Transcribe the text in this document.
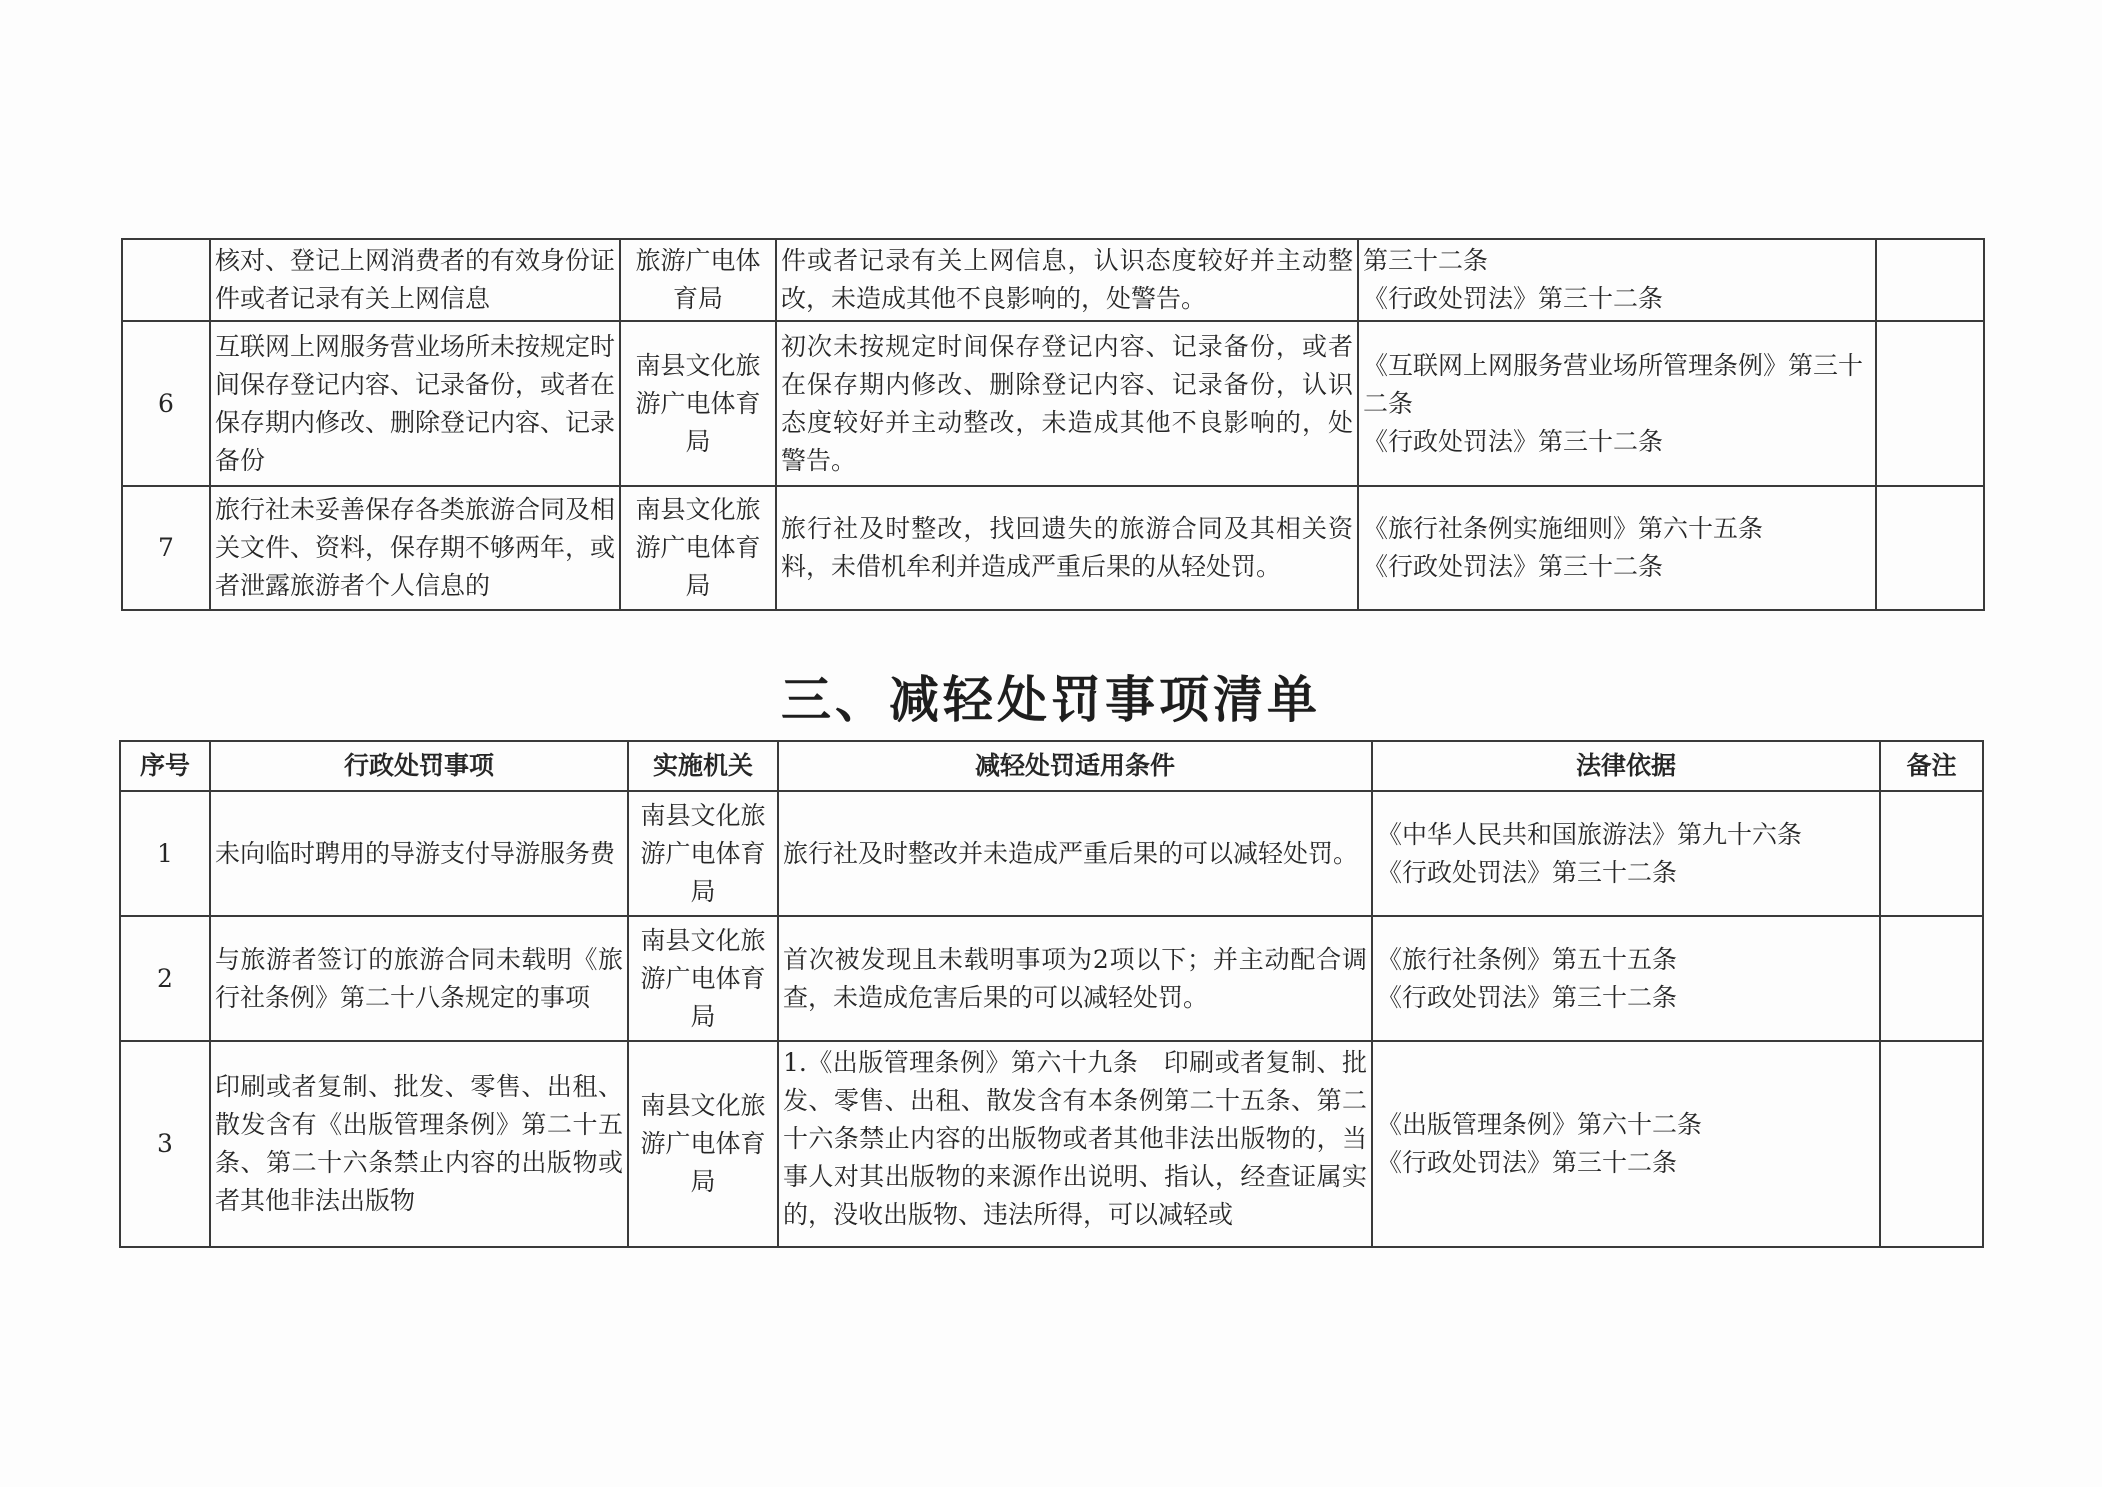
	核对、登记上网消费者的有效身份证件或者记录有关上网信息	旅游广电体育局	件或者记录有关上网信息，认识态度较好并主动整改，未造成其他不良影响的，处警告。	第三十二条
《行政处罚法》第三十二条	

6	互联网上网服务营业场所未按规定时间保存登记内容、记录备份，或者在保存期内修改、删除登记内容、记录备份	南县文化旅游广电体育局	初次未按规定时间保存登记内容、记录备份，或者在保存期内修改、删除登记内容、记录备份，认识态度较好并主动整改，未造成其他不良影响的，处警告。	《互联网上网服务营业场所管理条例》第三十二条
《行政处罚法》第三十二条	

7	旅行社未妥善保存各类旅游合同及相关文件、资料，保存期不够两年，或者泄露旅游者个人信息的	南县文化旅游广电体育局	旅行社及时整改，找回遗失的旅游合同及其相关资料，未借机牟利并造成严重后果的从轻处罚。	《旅行社条例实施细则》第六十五条
《行政处罚法》第三十二条	

三、减轻处罚事项清单
序号	行政处罚事项	实施机关	减轻处罚适用条件	法律依据	备注
1	未向临时聘用的导游支付导游服务费	南县文化旅游广电体育局	旅行社及时整改并未造成严重后果的可以减轻处罚。	《中华人民共和国旅游法》第九十六条
《行政处罚法》第三十二条	

2	与旅游者签订的旅游合同未载明《旅行社条例》第二十八条规定的事项	南县文化旅游广电体育局	首次被发现且未载明事项为2项以下；并主动配合调查，未造成危害后果的可以减轻处罚。	《旅行社条例》第五十五条
《行政处罚法》第三十二条	

3	印刷或者复制、批发、零售、出租、散发含有《出版管理条例》第二十五条、第二十六条禁止内容的出版物或者其他非法出版物	南县文化旅游广电体育局	1.《出版管理条例》第六十九条　印刷或者复制、批发、零售、出租、散发含有本条例第二十五条、第二十六条禁止内容的出版物或者其他非法出版物的，当事人对其出版物的来源作出说明、指认，经查证属实的，没收出版物、违法所得，可以减轻或	《出版管理条例》第六十二条
《行政处罚法》第三十二条	
